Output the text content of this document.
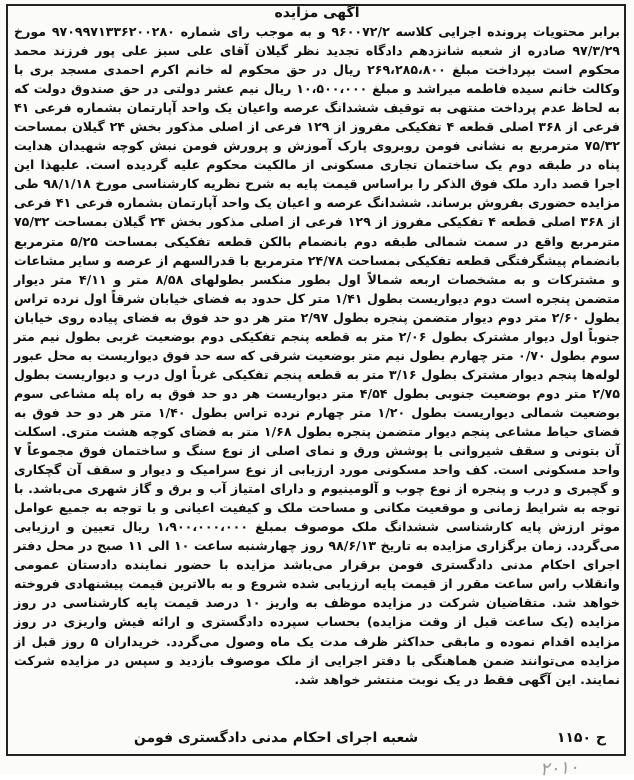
آگهی مزایده

برابر محتویات پرونده اجرایی کلاسه ۹۶۰۰۷۲/۲ و به موجب رای شماره ۹۷۰۹۹۷۱۳۳۶۲۰۰۲۸۰ مورخ ۹۷/۳/۲۹ صادره از شعبه شانزدهم دادگاه تجدید نظر گیلان آقای علی سبز علی پور فرزند محمد محکوم است بپرداخت مبلغ ۲۶۹،۲۸۵،۸۰۰ ریال در حق محکوم له خانم اکرم احمدی مسجد بری با وکالت خانم سیده فاطمه میراشد و مبلغ ۱۰،۵۰۰،۰۰۰ ریال نیم عشر دولتی در حق صندوق دولت که به لحاظ عدم پرداخت منتهی به توقیف ششدانگ عرصه واعیان یک واحد آپارتمان بشماره فرعی ۴۱ فرعی از ۳۶۸ اصلی قطعه ۴ تفکیکی مفروز از ۱۲۹ فرعی از اصلی مذکور بخش ۲۴ گیلان بمساحت ۷۵/۳۲ مترمربع به نشانی فومن روبروی پارک آموزش و پرورش فومن نبش کوچه شهیدان هدایت پناه در طبقه دوم یک ساختمان تجاری مسکونی از مالکیت محکوم علیه گردیده است. علیهذا این اجرا قصد دارد ملک فوق الذکر را براساس قیمت پایه به شرح نظریه کارشناسی مورخ ۹۸/۱/۱۸ طی مزایده حضوری بفروش برساند. ششدانگ عرصه و اعیان یک واحد آپارتمان بشماره فرعی ۴۱ فرعی از ۳۶۸ اصلی قطعه ۴ تفکیکی مفروز از ۱۲۹ فرعی از اصلی مذکور بخش ۲۴ گیلان بمساحت ۷۵/۳۲ مترمربع واقع در سمت شمالی طبقه دوم بانضمام بالکن قطعه تفکیکی بمساحت ۵/۲۵ مترمربع بانضمام پیشگرفتگی قطعه تفکیکی بمساحت ۲۴/۷۸ مترمربع با قدرالسهم از عرصه و سایر مشاعات و مشترکات و به مشخصات اربعه شمالاً اول بطور منکسر بطولهای ۸/۵۸ متر و ۴/۱۱ متر دیوار متضمن پنجره است دوم دیواریست بطول ۱/۴۱ متر کل حدود به فضای خیابان شرقاً اول نرده تراس بطول ۲/۶۰ متر دوم دیوار متضمن پنجره بطول ۲/۹۷ متر هر دو حد فوق به فضای پیاده روی خیابان جنوباً اول دیوار مشترک بطول ۲/۰۶ متر به قطعه پنجم تفکیکی دوم بوضعیت غربی بطول نیم متر سوم بطول ۰/۷۰ متر چهارم بطول نیم متر بوضعیت شرقی که سه حد فوق دیواریست به محل عبور لوله‌ها پنجم دیوار مشترک بطول ۳/۱۶ متر به قطعه پنجم تفکیکی غرباً اول درب و دیواریست بطول ۲/۷۵ متر دوم بوضعیت جنوبی بطول ۴/۵۴ متر دیواریست هر دو حد فوق به راه پله مشاعی سوم بوضعیت شمالی دیواریست بطول ۱/۲۰ متر چهارم نرده تراس بطول ۱/۴۰ متر هر دو حد فوق به فضای حیاط مشاعی پنجم دیوار متضمن پنجره بطول ۱/۶۸ متر به فضای کوچه هشت متری. اسکلت آن بتونی و سقف شیروانی با پوشش ورق و نمای اصلی از نوع سنگ و ساختمان فوق مجموعاً ۷ واحد مسکونی است. کف واحد مسکونی مورد ارزیابی از نوع سرامیک و دیوار و سقف آن گچکاری و گچبری و درب و پنجره از نوع چوب و آلومینیوم و دارای امتیاز آب و برق و گاز شهری می‌باشد. با توجه به شرایط زمانی و موقعیت مکانی و مساحت ملک و کیفیت اعیانی و با توجه به جمیع عوامل موثر ارزش پایه کارشناسی ششدانگ ملک موصوف بمبلغ ۱،۹۰۰،۰۰۰،۰۰۰ ریال تعیین و ارزیابی می‌گردد. زمان برگزاری مزایده به تاریخ ۹۸/۶/۱۳ روز چهارشنبه ساعت ۱۰ الی ۱۱ صبح در محل دفتر اجرای احکام مدنی دادگستری فومن برقرار می‌باشد مزایده با حضور نماینده دادستان عمومی وانقلاب راس ساعت مقرر از قیمت پایه ارزیابی شده شروع و به بالاترین قیمت پیشنهادی فروخته خواهد شد. متقاضیان شرکت در مزایده موظف به واریز ۱۰ درصد قیمت پایه کارشناسی در روز مزایده (یک ساعت قبل از وقت مزایده) بحساب سپرده دادگستری و ارائه فیش واریزی در روز مزایده اقدام نموده و مابقی حداکثر ظرف مدت یک ماه وصول می‌گردد. خریداران ۵ روز قبل از مزایده می‌توانند ضمن هماهنگی با دفتر اجرایی از ملک موصوف بازدید و سپس در مزایده شرکت نمایند. این آگهی فقط در یک نوبت منتشر خواهد شد.

ح ۱۱۵۰
شعبه اجرای احکام مدنی دادگستری فومن
۲۰۱۰
